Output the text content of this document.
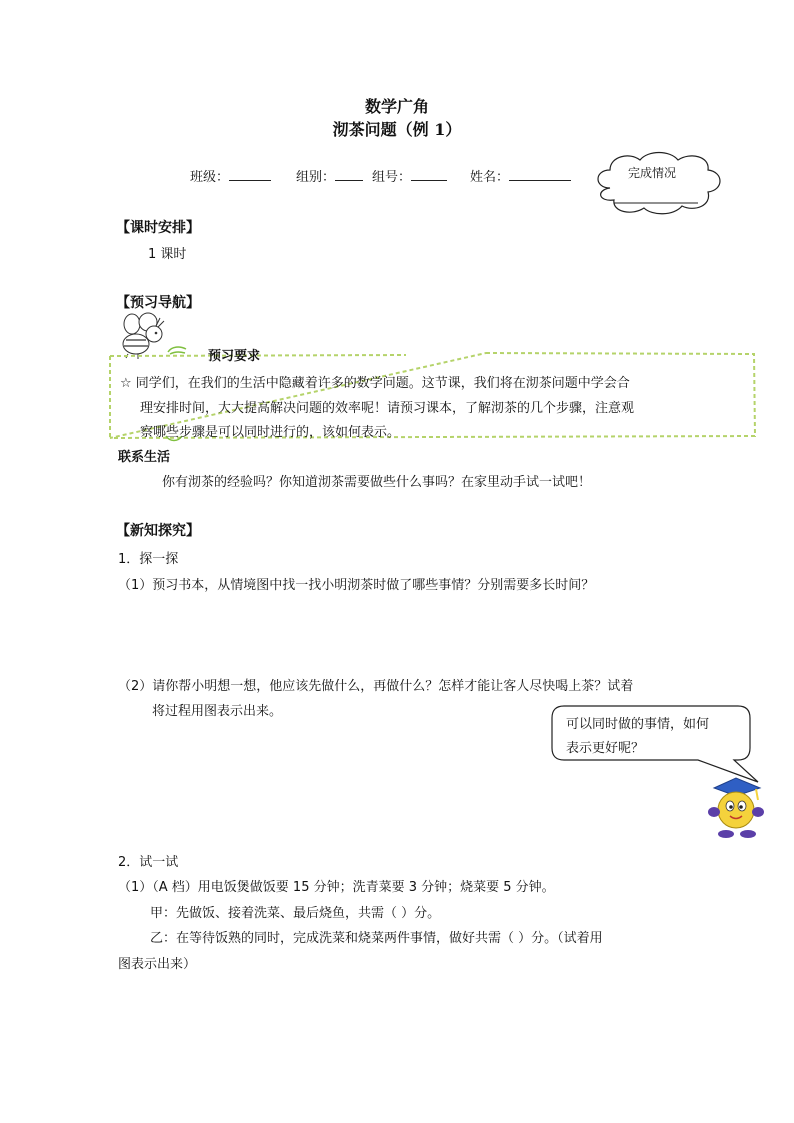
数学广角
沏茶问题（例 1）
班级：	组别：	组号：	姓名：	完成情况
【课时安排】
1 课时
【预习导航】
预习要求
☆ 同学们，在我们的生活中隐藏着许多的数学问题。这节课，我们将在沏茶问题中学会合
理安排时间，大大提高解决问题的效率呢！请预习课本，了解沏茶的几个步骤，注意观
察哪些步骤是可以同时进行的，该如何表示。
联系生活
你有沏茶的经验吗？你知道沏茶需要做些什么事吗？在家里动手试一试吧！
【新知探究】
1．探一探
（1）预习书本，从情境图中找一找小明沏茶时做了哪些事情？分别需要多长时间？
（2）请你帮小明想一想，他应该先做什么，再做什么？怎样才能让客人尽快喝上茶？试着
将过程用图表示出来。
可以同时做的事情，如何
表示更好呢？
2．试一试
（1）（A 档）用电饭煲做饭要 15 分钟；洗青菜要 3 分钟；烧菜要 5 分钟。
甲：先做饭、接着洗菜、最后烧鱼，共需（ ）分。
乙：在等待饭熟的同时，完成洗菜和烧菜两件事情，做好共需（ ）分。（试着用
图表示出来）
